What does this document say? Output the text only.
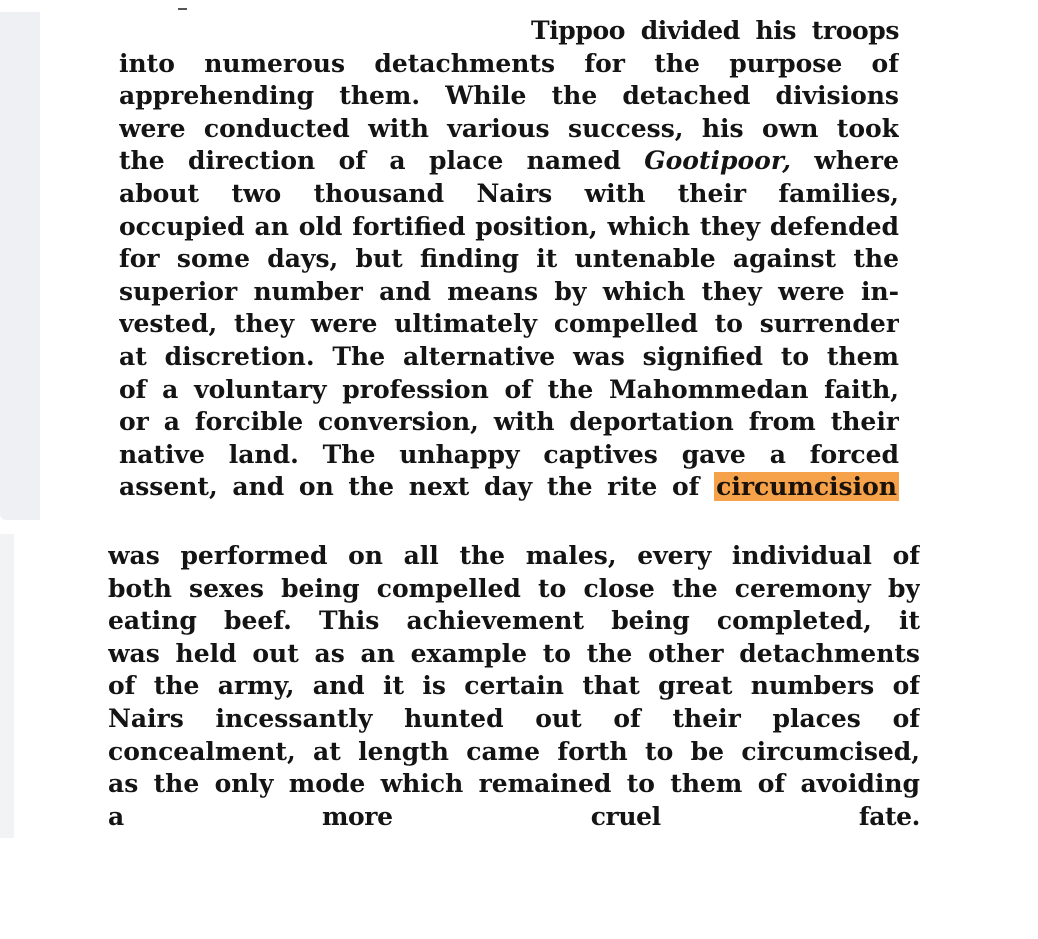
Tippoo divided his troops
into numerous detachments for the purpose of
apprehending them. While the detached divisions
were conducted with various success, his own took
the direction of a place named Gootipoor, where
about two thousand Nairs with their families,
occupied an old fortified position, which they defended
for some days, but finding it untenable against the
superior number and means by which they were in-
vested, they were ultimately compelled to surrender
at discretion. The alternative was signified to them
of a voluntary profession of the Mahommedan faith,
or a forcible conversion, with deportation from their
native land. The unhappy captives gave a forced
assent, and on the next day the rite of circumcision
was performed on all the males, every individual of
both sexes being compelled to close the ceremony by
eating beef. This achievement being completed, it
was held out as an example to the other detachments
of the army, and it is certain that great numbers of
Nairs incessantly hunted out of their places of
concealment, at length came forth to be circumcised,
as the only mode which remained to them of avoiding
a more cruel fate.
